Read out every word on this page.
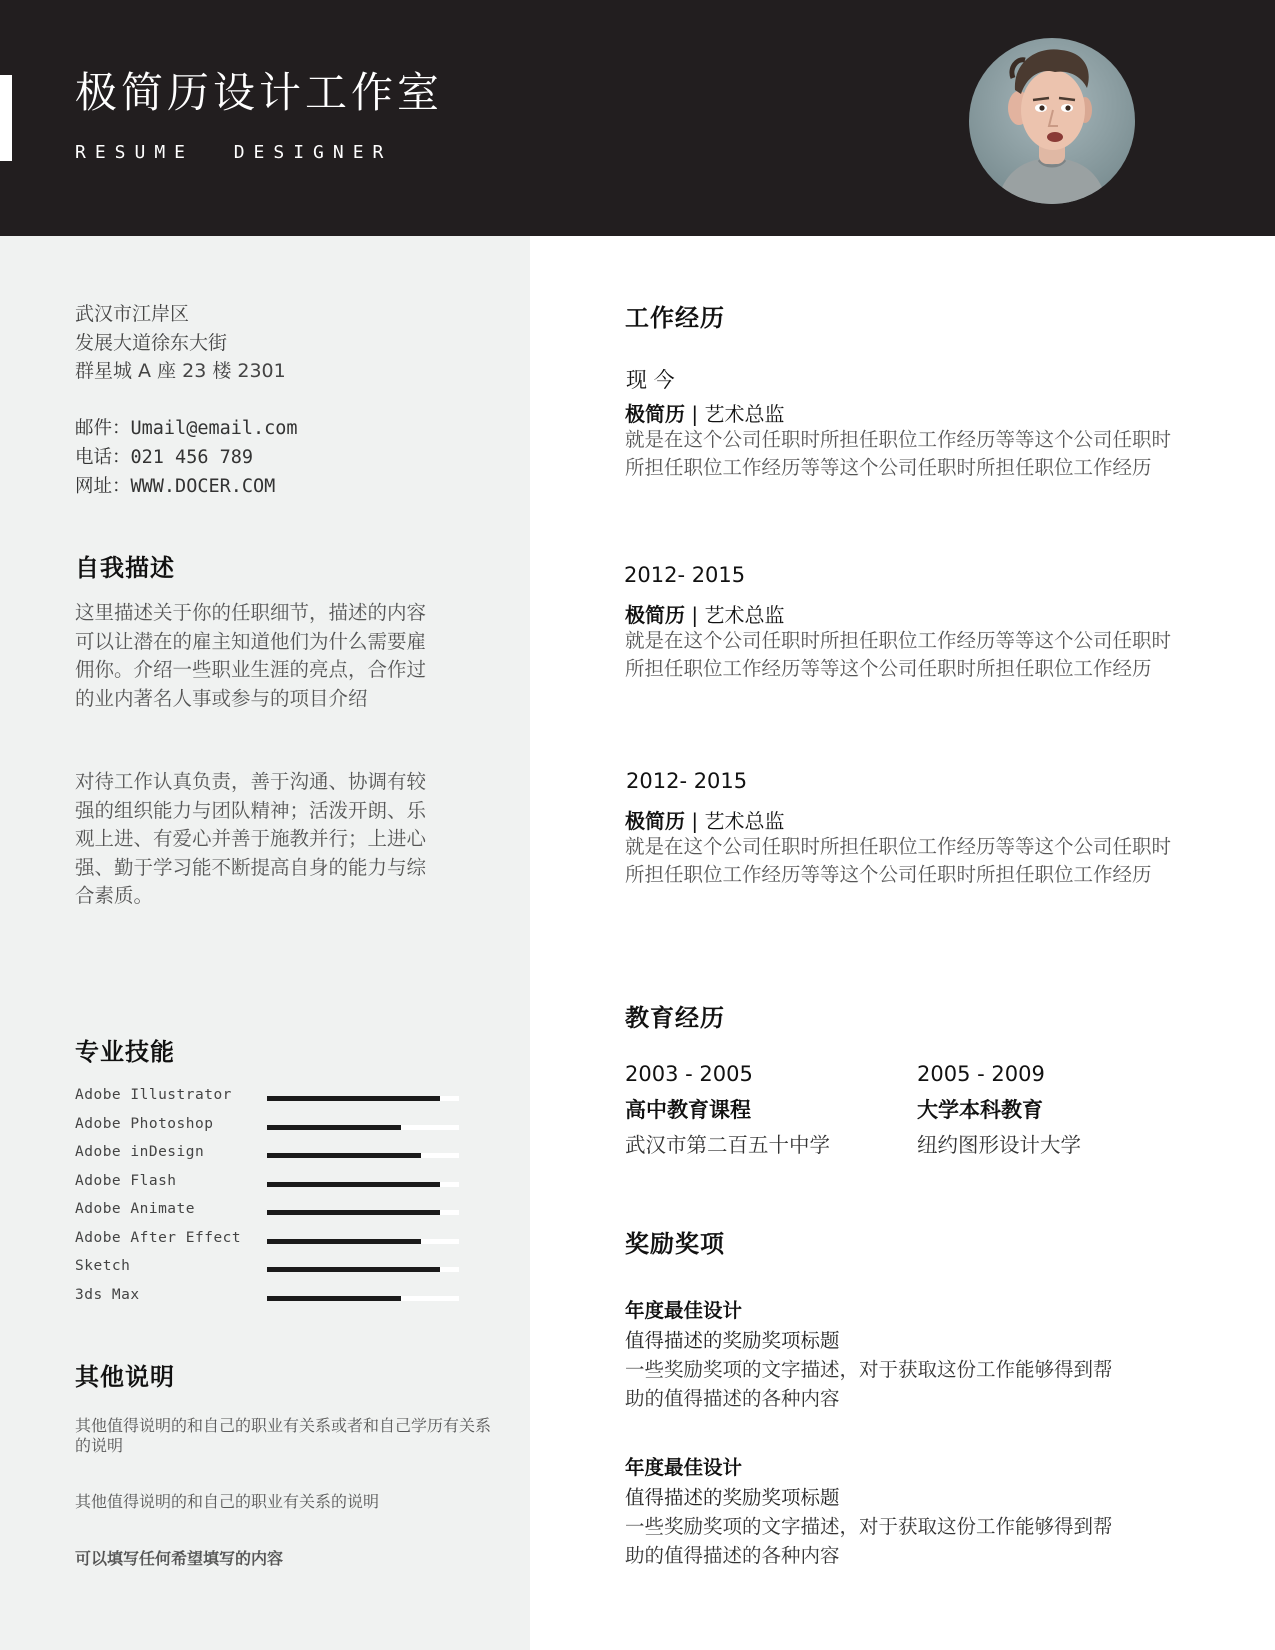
极简历设计工作室
RESUME  DESIGNER
武汉市江岸区
发展大道徐东大街
群星城 A 座 23 楼 2301
邮件：Umail@email.com
电话：021 456 789
网址：WWW.DOCER.COM
自我描述
这里描述关于你的任职细节，描述的内容可以让潜在的雇主知道他们为什么需要雇佣你。介绍一些职业生涯的亮点，合作过的业内著名人事或参与的项目介绍
对待工作认真负责，善于沟通、协调有较强的组织能力与团队精神；活泼开朗、乐观上进、有爱心并善于施教并行；上进心强、勤于学习能不断提高自身的能力与综合素质。
专业技能
Adobe Illustrator
Adobe Photoshop
Adobe inDesign
Adobe Flash
Adobe Animate
Adobe After Effect
Sketch
3ds Max
其他说明
其他值得说明的和自己的职业有关系或者和自己学历有关系的说明
其他值得说明的和自己的职业有关系的说明
可以填写任何希望填写的内容
工作经历
现 今
极简历 | 艺术总监
就是在这个公司任职时所担任职位工作经历等等这个公司任职时所担任职位工作经历等等这个公司任职时所担任职位工作经历
2012- 2015
极简历 | 艺术总监
就是在这个公司任职时所担任职位工作经历等等这个公司任职时所担任职位工作经历等等这个公司任职时所担任职位工作经历
2012- 2015
极简历 | 艺术总监
就是在这个公司任职时所担任职位工作经历等等这个公司任职时所担任职位工作经历等等这个公司任职时所担任职位工作经历
教育经历
2003 - 2005
高中教育课程
武汉市第二百五十中学
2005 - 2009
大学本科教育
纽约图形设计大学
奖励奖项
年度最佳设计
值得描述的奖励奖项标题
一些奖励奖项的文字描述，对于获取这份工作能够得到帮助的值得描述的各种内容
年度最佳设计
值得描述的奖励奖项标题
一些奖励奖项的文字描述，对于获取这份工作能够得到帮助的值得描述的各种内容
